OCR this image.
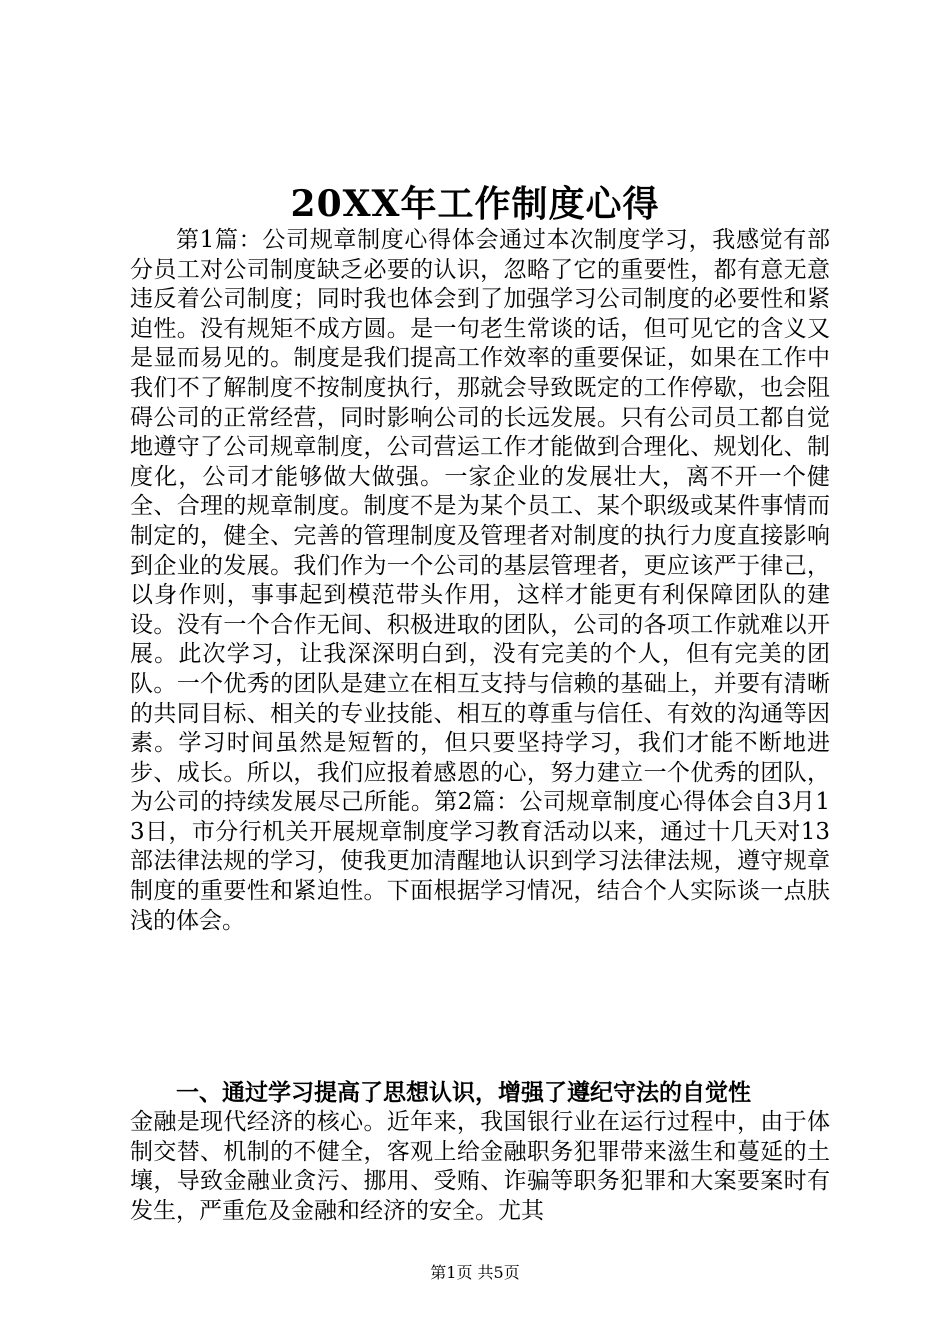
20XX年工作制度心得
第1篇：公司规章制度心得体会通过本次制度学习，我感觉有部分员工对公司制度缺乏必要的认识，忽略了它的重要性，都有意无意违反着公司制度；同时我也体会到了加强学习公司制度的必要性和紧迫性。没有规矩不成方圆。是一句老生常谈的话，但可见它的含义又是显而易见的。制度是我们提高工作效率的重要保证，如果在工作中我们不了解制度不按制度执行，那就会导致既定的工作停歇，也会阻碍公司的正常经营，同时影响公司的长远发展。只有公司员工都自觉地遵守了公司规章制度，公司营运工作才能做到合理化、规划化、制度化，公司才能够做大做强。一家企业的发展壮大，离不开一个健全、合理的规章制度。制度不是为某个员工、某个职级或某件事情而制定的，健全、完善的管理制度及管理者对制度的执行力度直接影响到企业的发展。我们作为一个公司的基层管理者，更应该严于律己，以身作则，事事起到模范带头作用，这样才能更有利保障团队的建设。没有一个合作无间、积极进取的团队，公司的各项工作就难以开展。此次学习，让我深深明白到，没有完美的个人，但有完美的团队。一个优秀的团队是建立在相互支持与信赖的基础上，并要有清晰的共同目标、相关的专业技能、相互的尊重与信任、有效的沟通等因素。学习时间虽然是短暂的，但只要坚持学习，我们才能不断地进步、成长。所以，我们应报着感恩的心，努力建立一个优秀的团队，为公司的持续发展尽己所能。第2篇：公司规章制度心得体会自3月13日，市分行机关开展规章制度学习教育活动以来，通过十几天对13部法律法规的学习，使我更加清醒地认识到学习法律法规，遵守规章制度的重要性和紧迫性。下面根据学习情况，结合个人实际谈一点肤浅的体会。
一、通过学习提高了思想认识，增强了遵纪守法的自觉性
金融是现代经济的核心。近年来，我国银行业在运行过程中，由于体制交替、机制的不健全，客观上给金融职务犯罪带来滋生和蔓延的土壤，导致金融业贪污、挪用、受贿、诈骗等职务犯罪和大案要案时有发生，严重危及金融和经济的安全。尤其
第1页 共5页
